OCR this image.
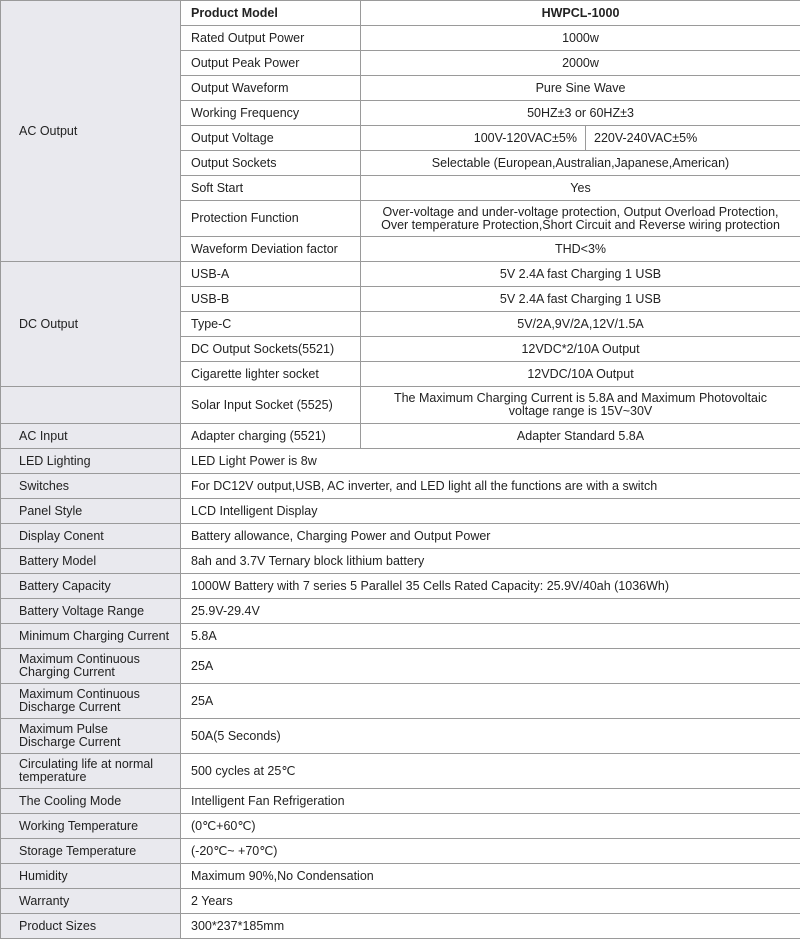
AC Output	Product Model	HWPCL-1000	
	Rated Output Power	1000w	
	Output Peak Power	2000w	
	Output Waveform	Pure Sine Wave	
	Working Frequency	50HZ±3 or 60HZ±3	
	Output Voltage	100V-120VAC±5%	220V-240VAC±5%
	Output Sockets	Selectable (European,Australian,Japanese,American)	
	Soft Start	Yes	
	Protection Function	Over-voltage and under-voltage protection, Output Overload Protection,
Over temperature Protection,Short Circuit and Reverse wiring protection	

	Waveform Deviation factor	THD<3%	
DC Output	USB-A	5V 2.4A fast Charging 1 USB	
	USB-B	5V 2.4A fast Charging 1 USB	
	Type-C	5V/2A,9V/2A,12V/1.5A	
	DC Output Sockets(5521)	12VDC*2/10A Output	
	Cigarette lighter socket	12VDC/10A Output	
	Solar Input Socket (5525)	The Maximum Charging Current is 5.8A and Maximum Photovoltaic
voltage range is 15V~30V	

AC Input	Adapter charging (5521)	Adapter Standard 5.8A	
LED Lighting	LED Light Power is 8w		
Switches	For DC12V output,USB, AC inverter, and LED light all the functions are with a switch		
Panel Style	LCD Intelligent Display		
Display Conent	Battery allowance, Charging Power and Output Power		
Battery Model	8ah and 3.7V Ternary block lithium battery		
Battery Capacity	1000W Battery with 7 series 5 Parallel 35 Cells Rated Capacity: 25.9V/40ah (1036Wh)		
Battery Voltage Range	25.9V-29.4V		
Minimum Charging Current	5.8A		

Maximum Continuous
Charging Current	25A		

Maximum Continuous
Discharge Current	25A		

Maximum Pulse
Discharge Current	50A(5 Seconds)		

Circulating life at normal
temperature	500 cycles at 25℃		
The Cooling Mode	Intelligent Fan Refrigeration		
Working Temperature	(0℃+60℃)		
Storage Temperature	(-20℃~ +70℃)		
Humidity	Maximum 90%,No Condensation		
Warranty	2 Years		
Product Sizes	300*237*185mm		
